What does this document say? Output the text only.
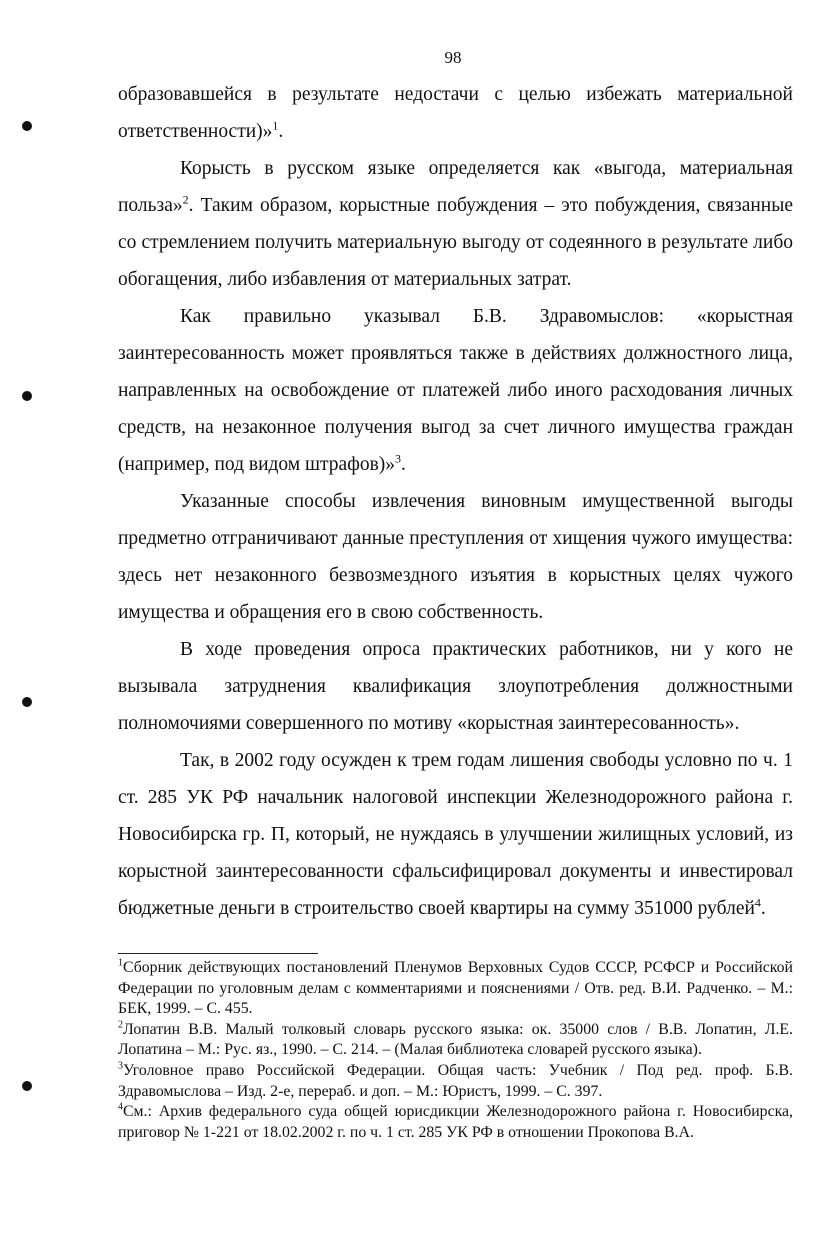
98

образовавшейся в результате недостачи с целью избежать материальной ответственности)»$^1$.

Корысть в русском языке определяется как «выгода, материальная польза»$^2$. Таким образом, корыстные побуждения – это побуждения, связанные со стремлением получить материальную выгоду от содеянного в результате либо обогащения, либо избавления от материальных затрат.

Как правильно указывал Б.В. Здравомыслов: «корыстная заинтересованность может проявляться также в действиях должностного лица, направленных на освобождение от платежей либо иного расходования личных средств, на незаконное получения выгод за счет личного имущества граждан (например, под видом штрафов)»$^3$.

Указанные способы извлечения виновным имущественной выгоды предметно отграничивают данные преступления от хищения чужого имущества: здесь нет незаконного безвозмездного изъятия в корыстных целях чужого имущества и обращения его в свою собственность.

В ходе проведения опроса практических работников, ни у кого не вызывала затруднения квалификация злоупотребления должностными полномочиями совершенного по мотиву «корыстная заинтересованность».

Так, в 2002 году осужден к трем годам лишения свободы условно по ч. 1 ст. 285 УК РФ начальник налоговой инспекции Железнодорожного района г. Новосибирска гр. П, который, не нуждаясь в улучшении жилищных условий, из корыстной заинтересованности сфальсифицировал документы и инвестировал бюджетные деньги в строительство своей квартиры на сумму 351000 рублей$^4$.

$^1$Сборник действующих постановлений Пленумов Верховных Судов СССР, РСФСР и Российской Федерации по уголовным делам с комментариями и пояснениями / Отв. ред. В.И. Радченко. – М.: БЕК, 1999. – С. 455.

$^2$Лопатин В.В. Малый толковый словарь русского языка: ок. 35000 слов / В.В. Лопатин, Л.Е. Лопатина – М.: Рус. яз., 1990. – С. 214. – (Малая библиотека словарей русского языка).

$^3$Уголовное право Российской Федерации. Общая часть: Учебник / Под ред. проф. Б.В. Здравомыслова – Изд. 2-е, перераб. и доп. – М.: Юристъ, 1999. – С. 397.

$^4$См.: Архив федерального суда общей юрисдикции Железнодорожного района г. Новосибирска, приговор № 1-221 от 18.02.2002 г. по ч. 1 ст. 285 УК РФ в отношении Прокопова В.А.
